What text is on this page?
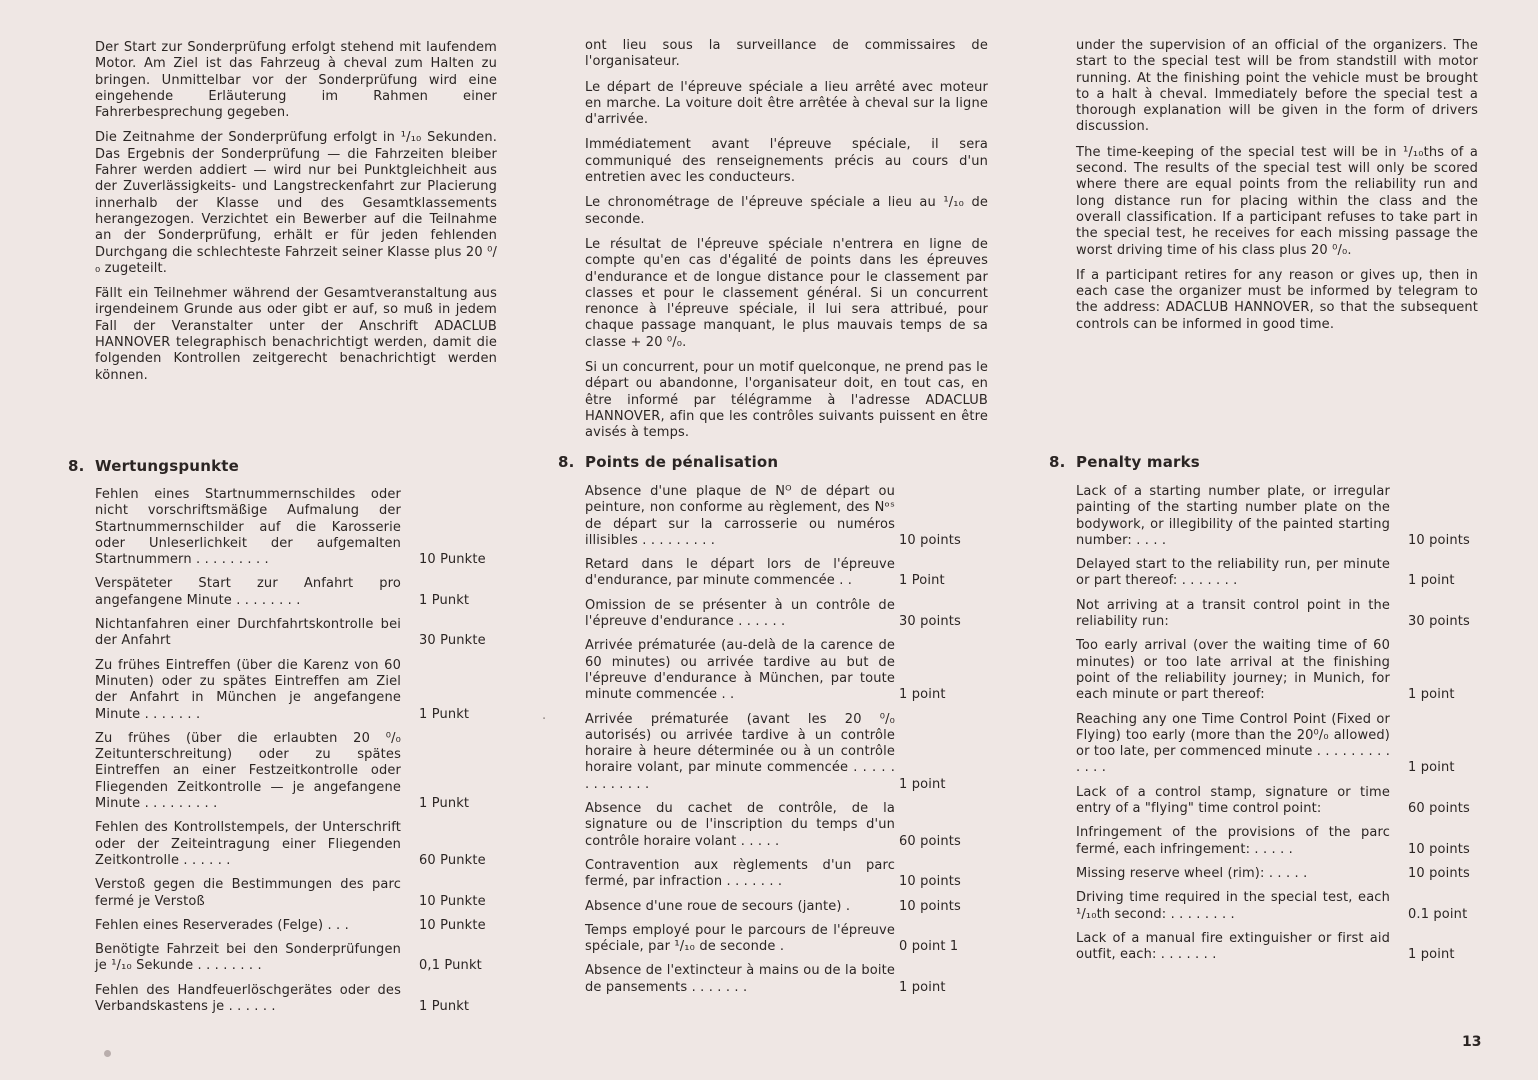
Der Start zur Sonderprüfung erfolgt stehend mit laufendem Motor. Am Ziel ist das Fahrzeug à cheval zum Halten zu bringen. Unmittelbar vor der Sonderprüfung wird eine eingehende Erläuterung im Rahmen einer Fahrerbesprechung gegeben.

Die Zeitnahme der Sonderprüfung erfolgt in ¹/₁₀ Sekunden. Das Ergebnis der Sonderprüfung — die Fahrzeiten bleiber Fahrer werden addiert — wird nur bei Punktgleichheit aus der Zuverlässigkeits- und Langstreckenfahrt zur Placierung innerhalb der Klasse und des Gesamtklassements herangezogen. Verzichtet ein Bewerber auf die Teilnahme an der Sonderprüfung, erhält er für jeden fehlenden Durchgang die schlechteste Fahrzeit seiner Klasse plus 20 ⁰/₀ zugeteilt.

Fällt ein Teilnehmer während der Gesamtveranstaltung aus irgendeinem Grunde aus oder gibt er auf, so muß in jedem Fall der Veranstalter unter der Anschrift ADACLUB HANNOVER telegraphisch benachrichtigt werden, damit die folgenden Kontrollen zeitgerecht benachrichtigt werden können.

8. Wertungspunkte
Fehlen eines Startnummernschildes oder nicht vorschriftsmäßige Aufmalung der Startnummernschilder auf die Karosserie oder Unleserlichkeit der aufgemalten Startnummern . . . . . . . . .	10 Punkte
Verspäteter Start zur Anfahrt pro angefangene Minute . . . . . . . .	1 Punkt
Nichtanfahren einer Durchfahrtskontrolle bei der Anfahrt	30 Punkte
Zu frühes Eintreffen (über die Karenz von 60 Minuten) oder zu spätes Eintreffen am Ziel der Anfahrt in München je angefangene Minute . . . . . . .	1 Punkt
Zu frühes (über die erlaubten 20 ⁰/₀ Zeitunterschreitung) oder zu spätes Eintreffen an einer Festzeitkontrolle oder Fliegenden Zeitkontrolle — je angefangene Minute . . . . . . . . .	1 Punkt
Fehlen des Kontrollstempels, der Unterschrift oder der Zeiteintragung einer Fliegenden Zeitkontrolle . . . . . .	60 Punkte
Verstoß gegen die Bestimmungen des parc fermé je Verstoß	10 Punkte
Fehlen eines Reserverades (Felge) . . .	10 Punkte
Benötigte Fahrzeit bei den Sonderprüfungen je ¹/₁₀ Sekunde . . . . . . . .	0,1 Punkt
Fehlen des Handfeuerlöschgerätes oder des Verbandskastens je . . . . . .	1 Punkt

ont lieu sous la surveillance de commissaires de l'organisateur.

Le départ de l'épreuve spéciale a lieu arrêté avec moteur en marche. La voiture doit être arrêtée à cheval sur la ligne d'arrivée.

Immédiatement avant l'épreuve spéciale, il sera communiqué des renseignements précis au cours d'un entretien avec les conducteurs.

Le chronométrage de l'épreuve spéciale a lieu au ¹/₁₀ de seconde.

Le résultat de l'épreuve spéciale n'entrera en ligne de compte qu'en cas d'égalité de points dans les épreuves d'endurance et de longue distance pour le classement par classes et pour le classement général. Si un concurrent renonce à l'épreuve spéciale, il lui sera attribué, pour chaque passage manquant, le plus mauvais temps de sa classe + 20 ⁰/₀.

Si un concurrent, pour un motif quelconque, ne prend pas le départ ou abandonne, l'organisateur doit, en tout cas, en être informé par télégramme à l'adresse ADACLUB HANNOVER, afin que les contrôles suivants puissent en être avisés à temps.

8. Points de pénalisation
Absence d'une plaque de Nᴼ de départ ou peinture, non conforme au règlement, des Nᵒˢ de départ sur la carrosserie ou numéros illisibles . . . . . . . . .	10 points
Retard dans le départ lors de l'épreuve d'endurance, par minute commencée . .	1 Point
Omission de se présenter à un contrôle de l'épreuve d'endurance . . . . . .	30 points
Arrivée prématurée (au-delà de la carence de 60 minutes) ou arrivée tardive au but de l'épreuve d'endurance à München, par toute minute commencée . .	1 point
Arrivée prématurée (avant les 20 ⁰/₀ autorisés) ou arrivée tardive à un contrôle horaire à heure déterminée ou à un contrôle horaire volant, par minute commencée . . . . . . . . . . . . .	1 point
Absence du cachet de contrôle, de la signature ou de l'inscription du temps d'un contrôle horaire volant . . . . .	60 points
Contravention aux règlements d'un parc fermé, par infraction . . . . . . .	10 points
Absence d'une roue de secours (jante) .	10 points
Temps employé pour le parcours de l'épreuve spéciale, par ¹/₁₀ de seconde .	0 point 1
Absence de l'extincteur à mains ou de la boite de pansements . . . . . . .	1 point

under the supervision of an official of the organizers. The start to the special test will be from standstill with motor running. At the finishing point the vehicle must be brought to a halt à cheval. Immediately before the special test a thorough explanation will be given in the form of drivers discussion.

The time-keeping of the special test will be in ¹/₁₀ths of a second. The results of the special test will only be scored where there are equal points from the reliability run and long distance run for placing within the class and the overall classification. If a participant refuses to take part in the special test, he receives for each missing passage the worst driving time of his class plus 20 ⁰/₀.

If a participant retires for any reason or gives up, then in each case the organizer must be informed by telegram to the address: ADACLUB HANNOVER, so that the subsequent controls can be informed in good time.

8. Penalty marks
Lack of a starting number plate, or irregular painting of the starting number plate on the bodywork, or illegibility of the painted starting number: . . . .	10 points
Delayed start to the reliability run, per minute or part thereof: . . . . . . .	1 point
Not arriving at a transit control point in the reliability run:	30 points
Too early arrival (over the waiting time of 60 minutes) or too late arrival at the finishing point of the reliability journey; in Munich, for each minute or part thereof:	1 point
Reaching any one Time Control Point (Fixed or Flying) too early (more than the 20⁰/₀ allowed) or too late, per commenced minute . . . . . . . . . . . . .	1 point
Lack of a control stamp, signature or time entry of a "flying" time control point:	60 points
Infringement of the provisions of the parc fermé, each infringement: . . . . .	10 points
Missing reserve wheel (rim): . . . . .	10 points
Driving time required in the special test, each ¹/₁₀th second: . . . . . . . .	0.1 point
Lack of a manual fire extinguisher or first aid outfit, each: . . . . . . .	1 point
13
·
